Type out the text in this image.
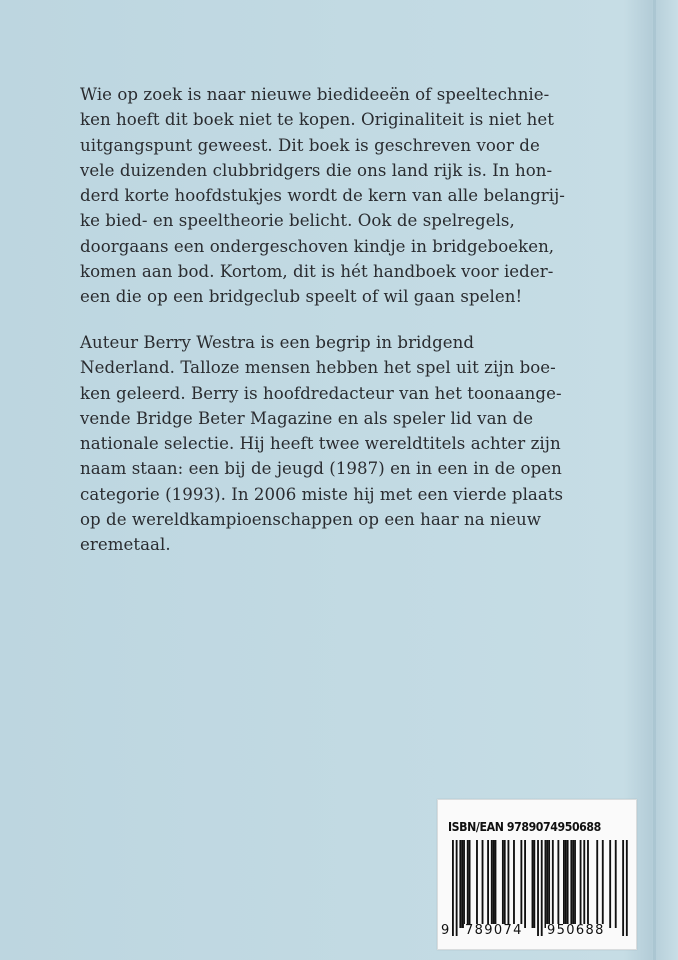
Wie op zoek is naar nieuwe biedideeën of speeltechnie-
ken hoeft dit boek niet te kopen. Originaliteit is niet het
uitgangspunt geweest. Dit boek is geschreven voor de
vele duizenden clubbridgers die ons land rijk is. In hon-
derd korte hoofdstukjes wordt de kern van alle belangrij-
ke bied- en speeltheorie belicht. Ook de spelregels,
doorgaans een ondergeschoven kindje in bridgeboeken,
komen aan bod. Kortom, dit is hét handboek voor ieder-
een die op een bridgeclub speelt of wil gaan spelen!

Auteur Berry Westra is een begrip in bridgend
Nederland. Talloze mensen hebben het spel uit zijn boe-
ken geleerd. Berry is hoofdredacteur van het toonaange-
vende Bridge Beter Magazine en als speler lid van de
nationale selectie. Hij heeft twee wereldtitels achter zijn
naam staan: een bij de jeugd (1987) en in een in de open
categorie (1993). In 2006 miste hij met een vierde plaats
op de wereldkampioenschappen op een haar na nieuw
eremetaal.

ISBN/EAN 9789074950688
9 789074 950688
